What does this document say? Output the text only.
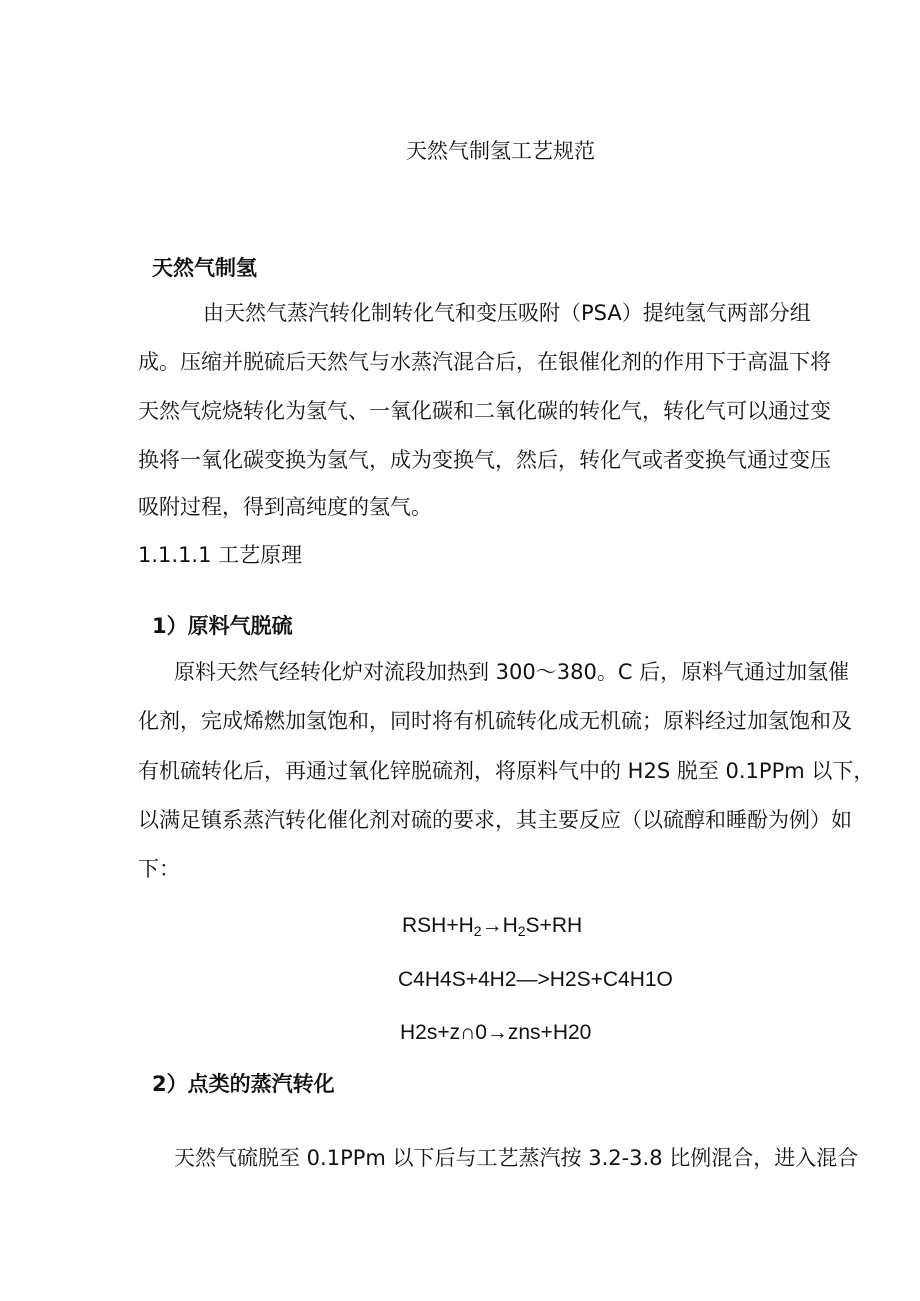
天然气制氢工艺规范
天然气制氢
由天然气蒸汽转化制转化气和变压吸附（PSA）提纯氢气两部分组
成。压缩并脱硫后天然气与水蒸汽混合后，在银催化剂的作用下于高温下将
天然气烷烧转化为氢气、一氧化碳和二氧化碳的转化气，转化气可以通过变
换将一氧化碳变换为氢气，成为变换气，然后，转化气或者变换气通过变压
吸附过程，得到高纯度的氢气。
1.1.1.1 工艺原理
1）原料气脱硫
原料天然气经转化炉对流段加热到 300～380。C 后，原料气通过加氢催
化剂，完成烯燃加氢饱和，同时将有机硫转化成无机硫；原料经过加氢饱和及
有机硫转化后，再通过氧化锌脱硫剂，将原料气中的 H2S 脱至 0.1PPm 以下，
以满足镇系蒸汽转化催化剂对硫的要求，其主要反应（以硫醇和睡酚为例）如
下：
$RSH+H_2\to H_2S+RH$
C4H4S+4H2—>H2S+C4H1O
H2s+z∩0→zns+H20
2）点类的蒸汽转化
天然气硫脱至 0.1PPm 以下后与工艺蒸汽按 3.2-3.8 比例混合，进入混合
